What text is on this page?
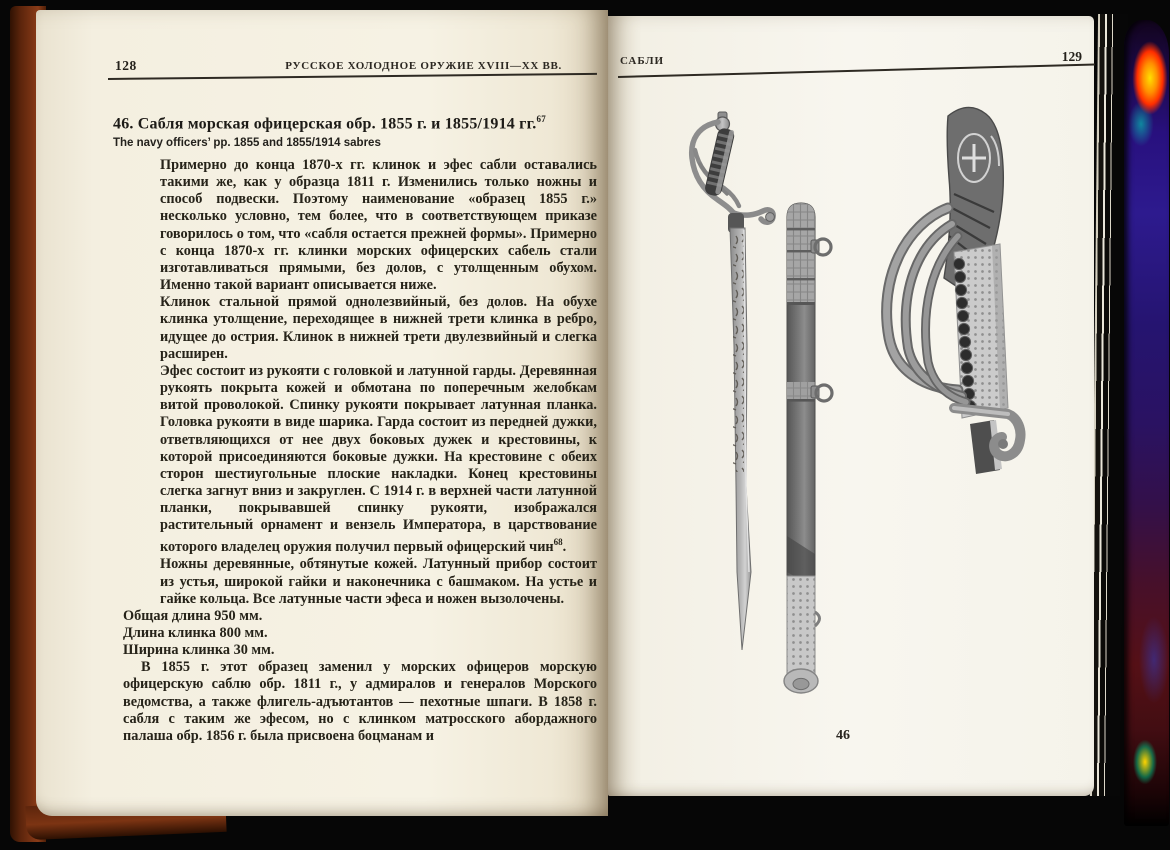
128	РУССКОЕ ХОЛОДНОЕ ОРУЖИЕ XVIII—XX ВВ.
46. Сабля морская офицерская обр. 1855 г. и 1855/1914 гг.$^{67}$
The navy officers’ pp. 1855 and 1855/1914 sabres

Примерно до конца 1870-х гг. клинок и эфес сабли оставались такими же, как у образца 1811 г. Изменились только ножны и способ подвески. Поэтому наименование «образец 1855 г.» несколько условно, тем более, что в соответствующем приказе говорилось о том, что «сабля остается прежней формы». Примерно с конца 1870-х гг. клинки морских офицерских сабель стали изготавливаться прямыми, без долов, с утолщенным обухом. Именно такой вариант описывается ниже.

Клинок стальной прямой однолезвийный, без долов. На обухе клинка утолщение, переходящее в нижней трети клинка в ребро, идущее до острия. Клинок в нижней трети двулезвийный и слегка расширен.

Эфес состоит из рукояти с головкой и латунной гарды. Деревянная рукоять покрыта кожей и обмотана по поперечным желобкам витой проволокой. Спинку рукояти покрывает латунная планка. Головка рукояти в виде шарика. Гарда состоит из передней дужки, ответвляющихся от нее двух боковых дужек и крестовины, к которой присоединяются боковые дужки. На крестовине с обеих сторон шестиугольные плоские накладки. Конец крестовины слегка загнут вниз и закруглен. С 1914 г. в верхней части латунной планки, покрывавшей спинку рукояти, изображался растительный орнамент и вензель Императора, в царствование которого владелец оружия получил первый офицерский чин$^{68}$.

Ножны деревянные, обтянутые кожей. Латунный прибор состоит из устья, широкой гайки и наконечника с башмаком. На устье и гайке кольца. Все латунные части эфеса и ножен вызолочены.

Общая длина 950 мм.

Длина клинка 800 мм.

Ширина клинка 30 мм.

В 1855 г. этот образец заменил у морских офицеров морскую офицерскую саблю обр. 1811 г., у адмиралов и генералов Морского ведомства, а также флигель-адъютантов — пехотные шпаги. В 1858 г. сабля с таким же эфесом, но с клинком матросского абордажного палаша обр. 1856 г. была присвоена боцманам и

САБЛИ	129
46
